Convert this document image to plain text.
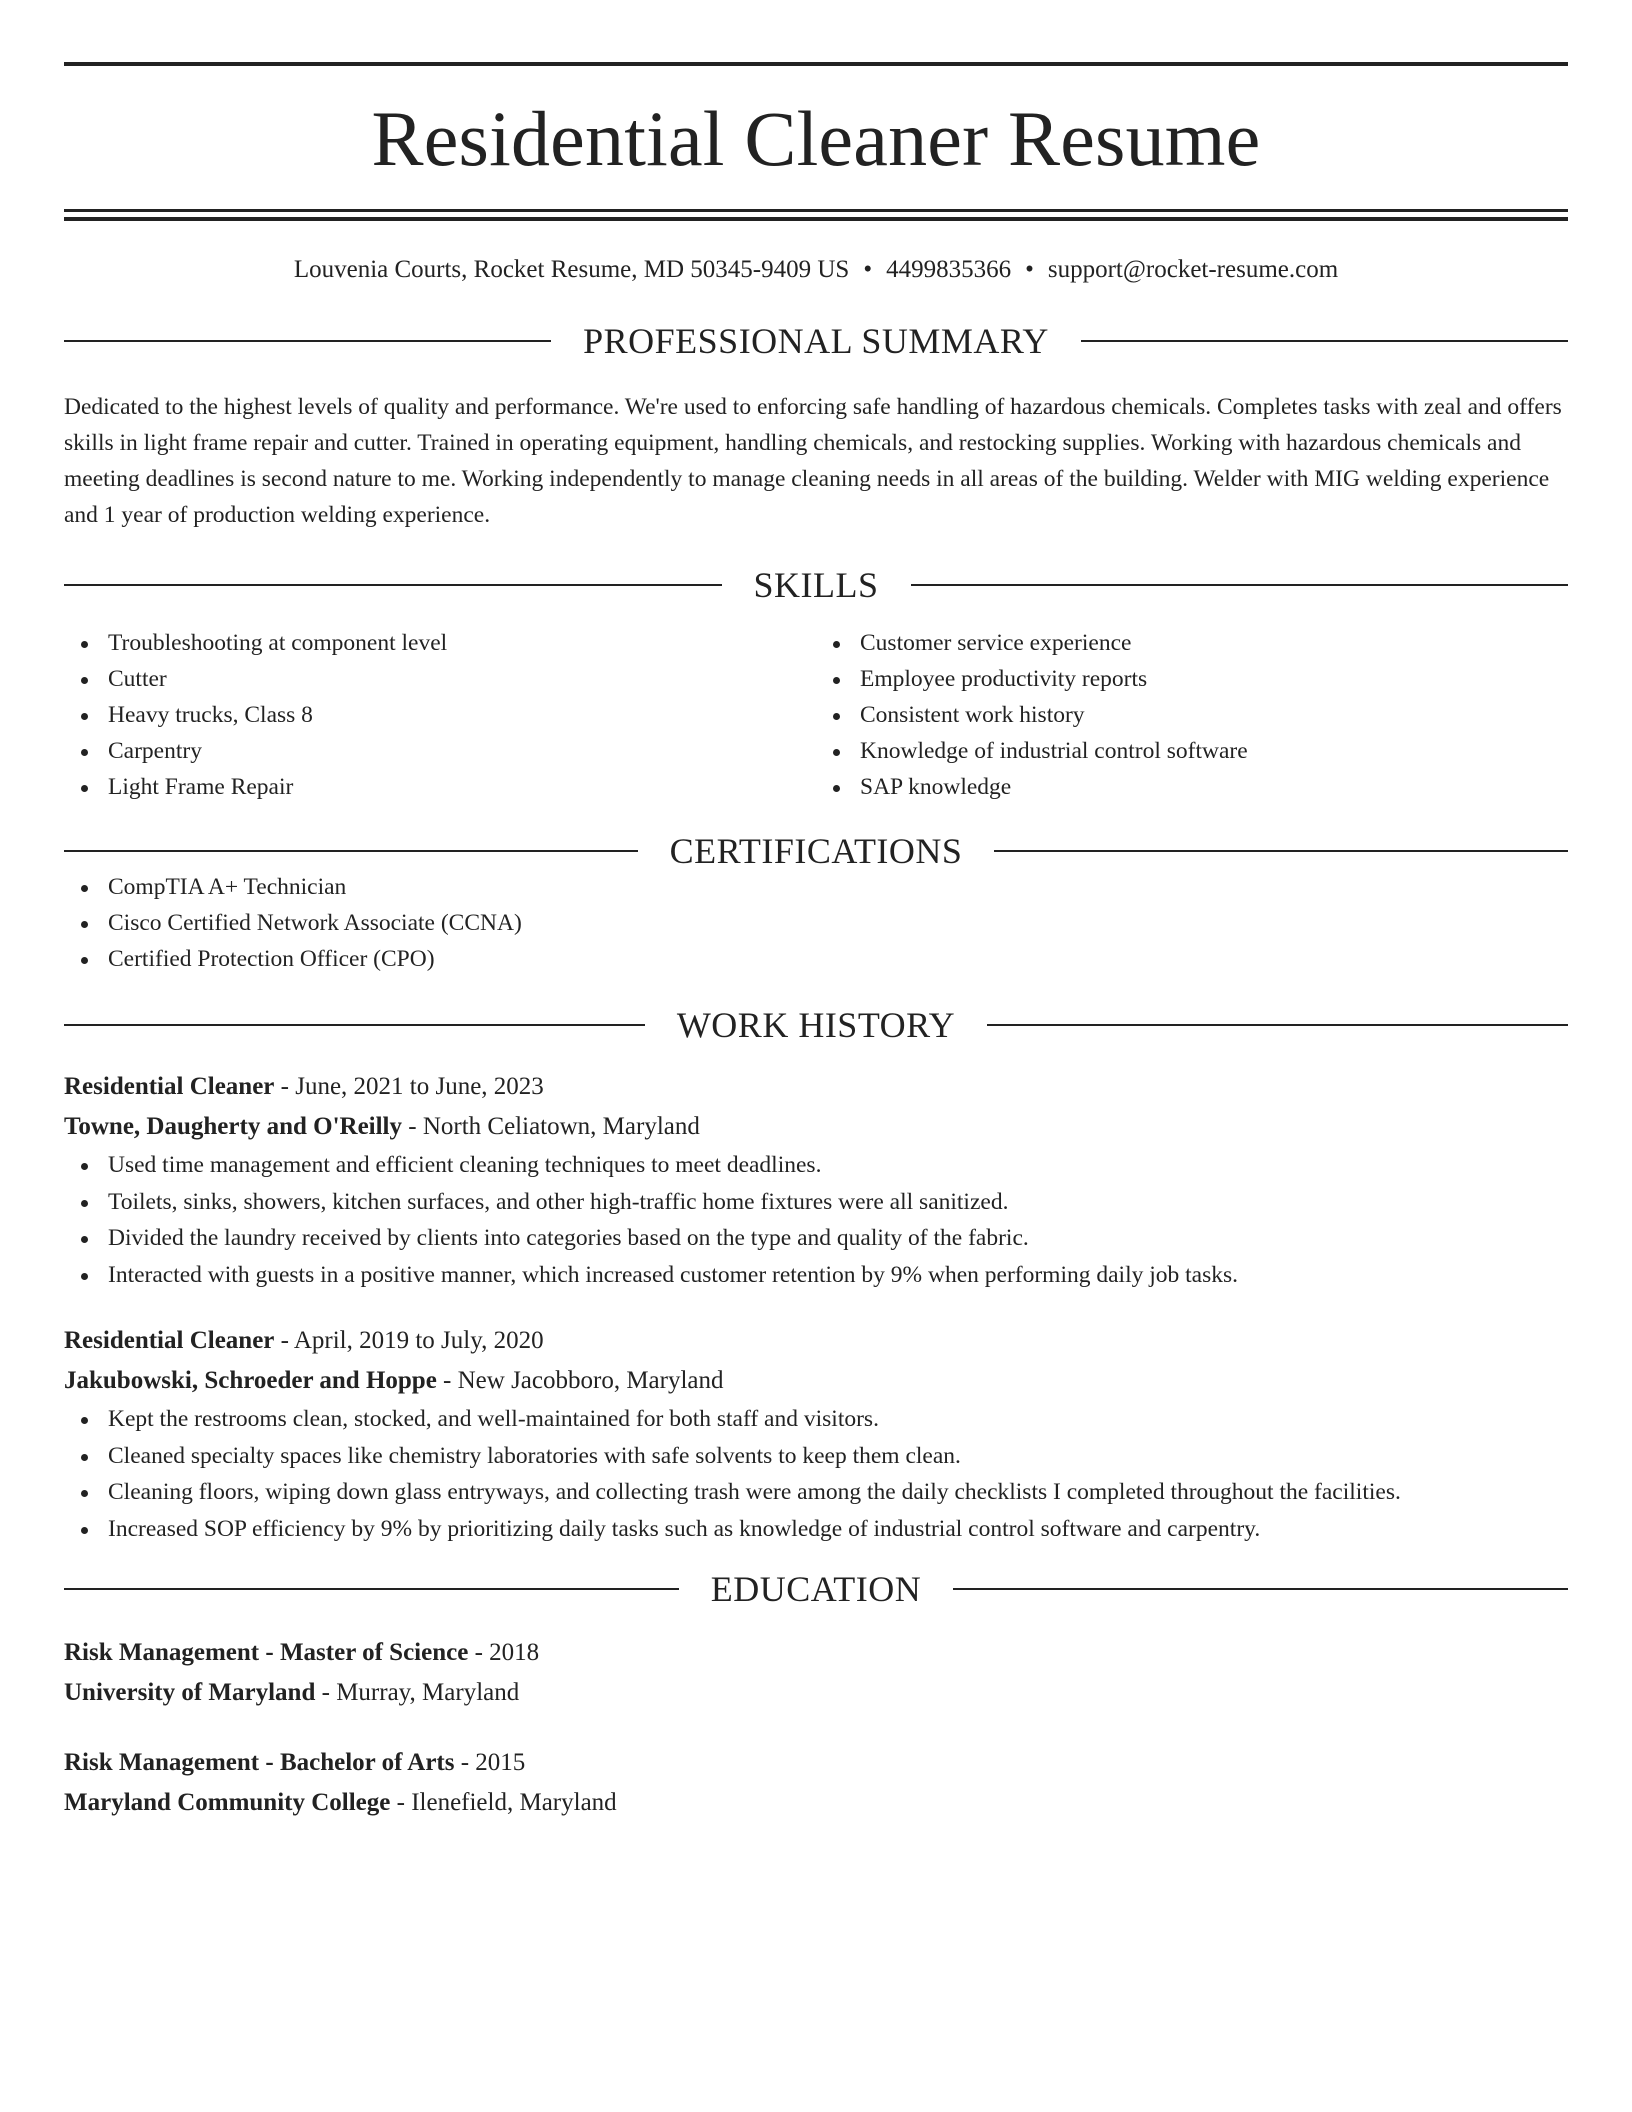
Residential Cleaner Resume
Louvenia Courts, Rocket Resume, MD 50345-9409 US • 4499835366 • support@rocket-resume.com
PROFESSIONAL SUMMARY

Dedicated to the highest levels of quality and performance. We're used to enforcing safe handling of hazardous chemicals. Completes tasks with zeal and offers skills in light frame repair and cutter. Trained in operating equipment, handling chemicals, and restocking supplies. Working with hazardous chemicals and meeting deadlines is second nature to me. Working independently to manage cleaning needs in all areas of the building. Welder with MIG welding experience and 1 year of production welding experience.

SKILLS
Troubleshooting at component level
Cutter
Heavy trucks, Class 8
Carpentry
Light Frame Repair
Customer service experience
Employee productivity reports
Consistent work history
Knowledge of industrial control software
SAP knowledge
CERTIFICATIONS
CompTIA A+ Technician
Cisco Certified Network Associate (CCNA)
Certified Protection Officer (CPO)
WORK HISTORY
Residential Cleaner - June, 2021 to June, 2023
Towne, Daugherty and O'Reilly - North Celiatown, Maryland
Used time management and efficient cleaning techniques to meet deadlines.
Toilets, sinks, showers, kitchen surfaces, and other high-traffic home fixtures were all sanitized.
Divided the laundry received by clients into categories based on the type and quality of the fabric.
Interacted with guests in a positive manner, which increased customer retention by 9% when performing daily job tasks.
Residential Cleaner - April, 2019 to July, 2020
Jakubowski, Schroeder and Hoppe - New Jacobboro, Maryland
Kept the restrooms clean, stocked, and well-maintained for both staff and visitors.
Cleaned specialty spaces like chemistry laboratories with safe solvents to keep them clean.
Cleaning floors, wiping down glass entryways, and collecting trash were among the daily checklists I completed throughout the facilities.
Increased SOP efficiency by 9% by prioritizing daily tasks such as knowledge of industrial control software and carpentry.
EDUCATION
Risk Management - Master of Science - 2018
University of Maryland - Murray, Maryland
Risk Management - Bachelor of Arts - 2015
Maryland Community College - Ilenefield, Maryland
